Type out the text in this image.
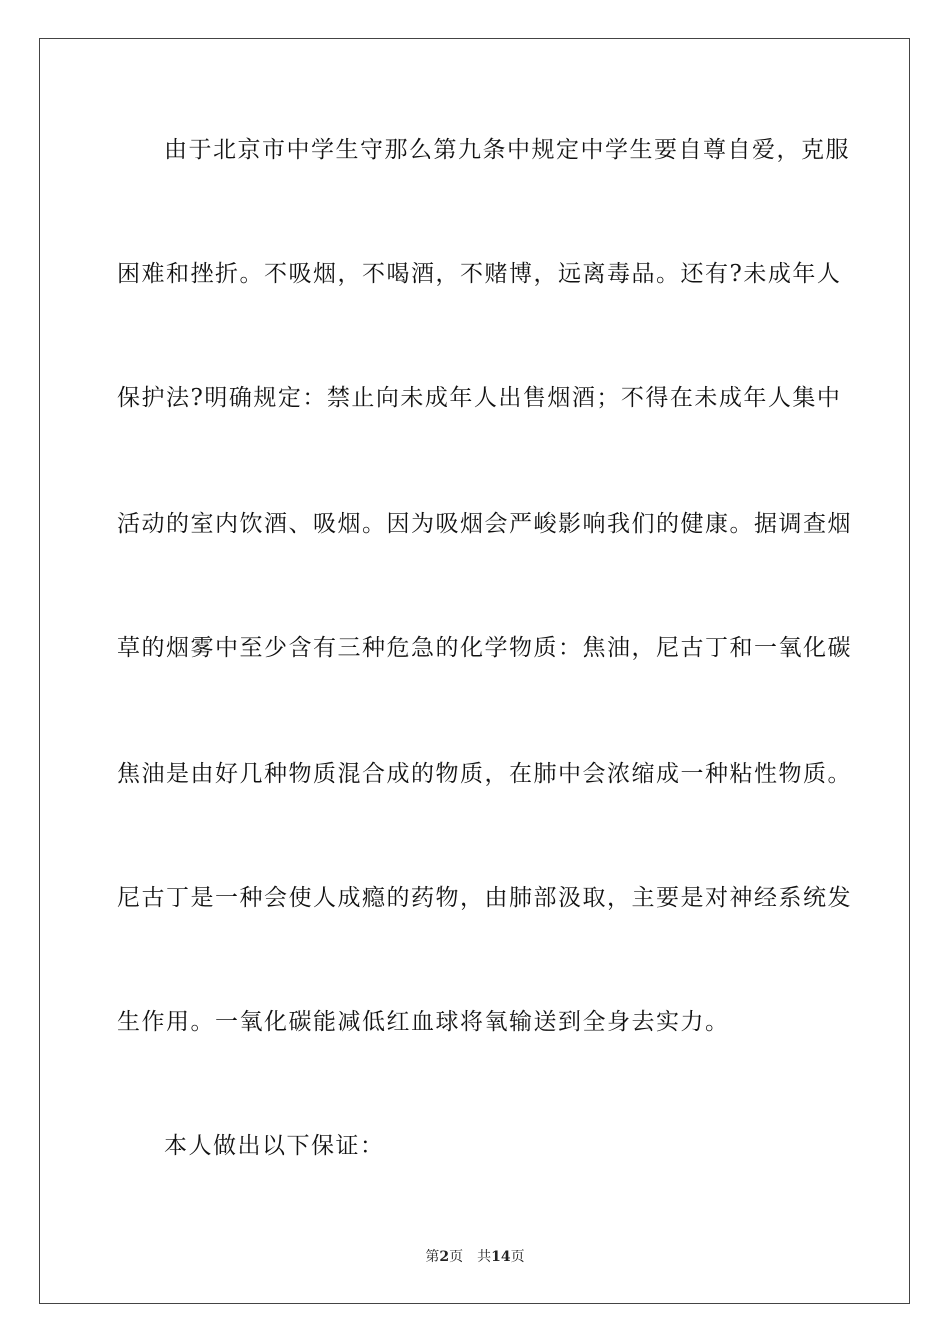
由于北京市中学生守那么第九条中规定中学生要自尊自爱，克服
困难和挫折。不吸烟，不喝酒，不赌博，远离毒品。还有?未成年人
保护法?明确规定：禁止向未成年人出售烟酒；不得在未成年人集中
活动的室内饮酒、吸烟。因为吸烟会严峻影响我们的健康。据调查烟
草的烟雾中至少含有三种危急的化学物质：焦油，尼古丁和一氧化碳
焦油是由好几种物质混合成的物质，在肺中会浓缩成一种粘性物质。
尼古丁是一种会使人成瘾的药物，由肺部汲取，主要是对神经系统发
生作用。一氧化碳能减低红血球将氧输送到全身去实力。
本人做出以下保证：
第2页 共14页
